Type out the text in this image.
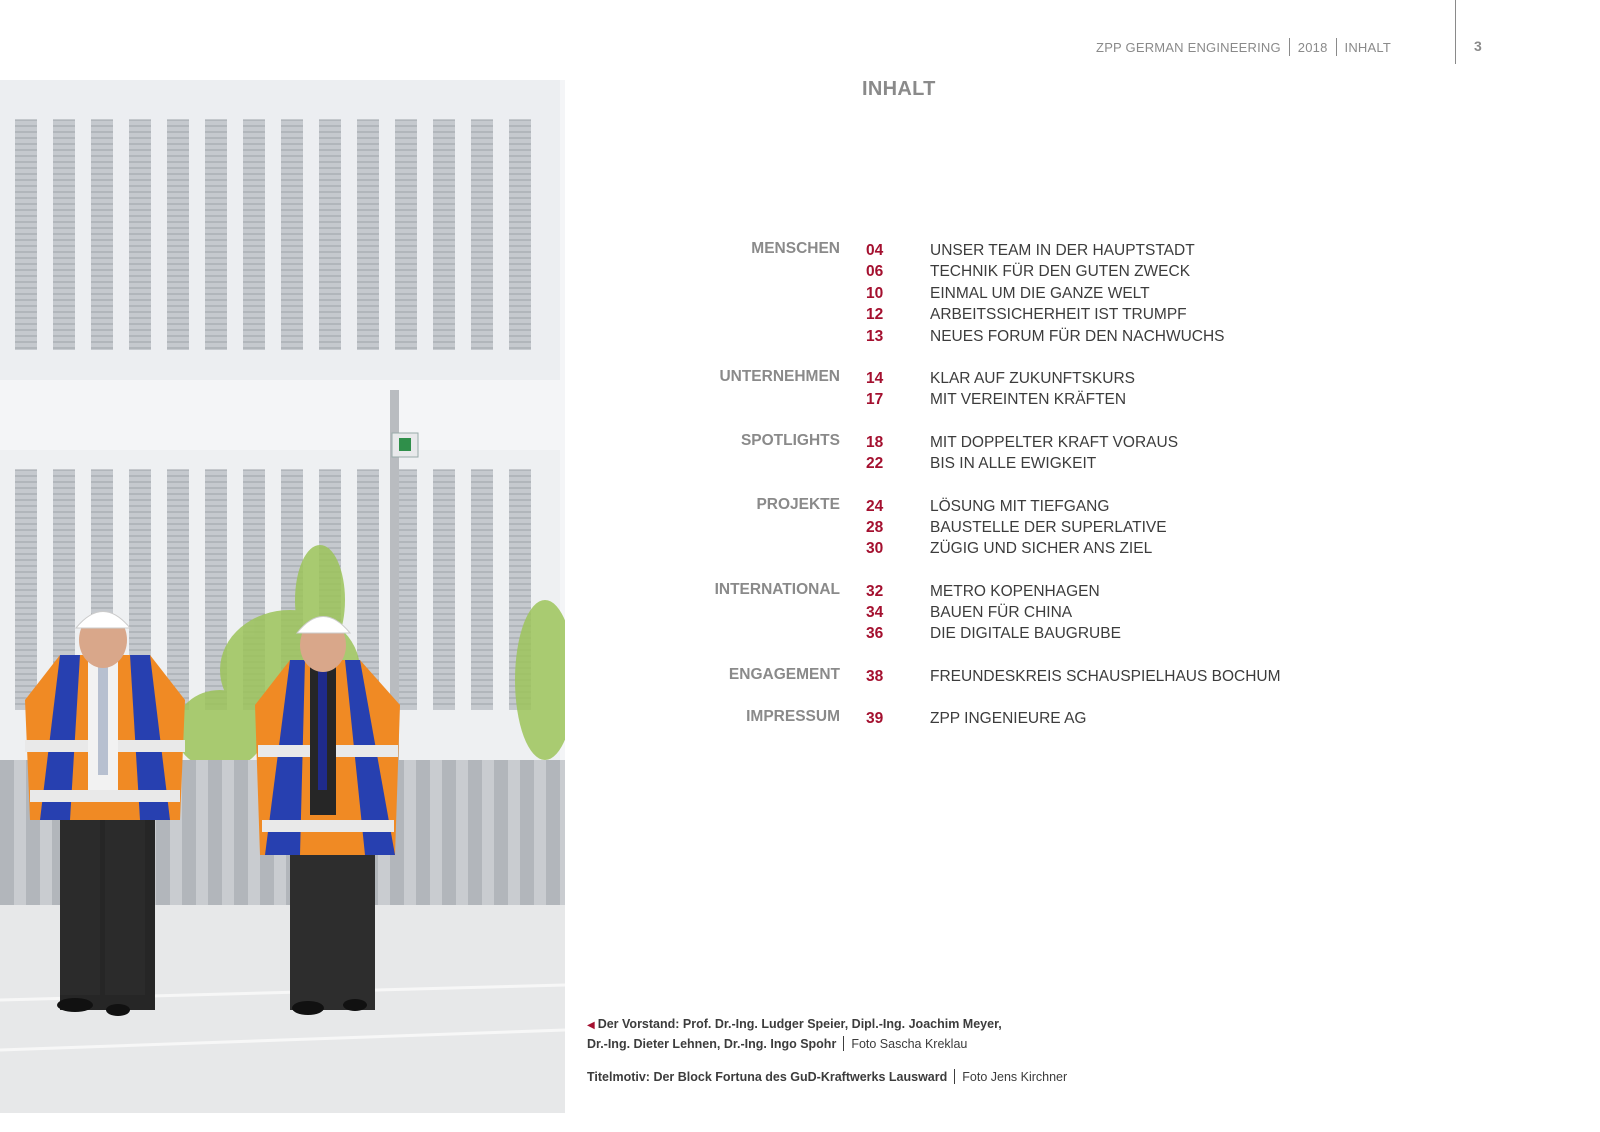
ZPP GERMAN ENGINEERING 2018 INHALT	3
INHALT
MENSCHEN 04	UNSER TEAM IN DER HAUPTSTADT
06	TECHNIK FÜR DEN GUTEN ZWECK
10	EINMAL UM DIE GANZE WELT
12	ARBEITSSICHERHEIT IST TRUMPF
13	NEUES FORUM FÜR DEN NACHWUCHS
UNTERNEHMEN 14	KLAR AUF ZUKUNFTSKURS
17	MIT VEREINTEN KRÄFTEN
SPOTLIGHTS 18	MIT DOPPELTER KRAFT VORAUS
22	BIS IN ALLE EWIGKEIT
PROJEKTE 24	LÖSUNG MIT TIEFGANG
28	BAUSTELLE DER SUPERLATIVE
30	ZÜGIG UND SICHER ANS ZIEL
INTERNATIONAL 32	METRO KOPENHAGEN
34	BAUEN FÜR CHINA
36	DIE DIGITALE BAUGRUBE
ENGAGEMENT 38	FREUNDESKREIS SCHAUSPIELHAUS BOCHUM
IMPRESSUM 39	ZPP INGENIEURE AG
◀ Der Vorstand: Prof. Dr.-Ing. Ludger Speier, Dipl.-Ing. Joachim Meyer,
Dr.-Ing. Dieter Lehnen, Dr.-Ing. Ingo Spohr Foto Sascha Kreklau
Titelmotiv: Der Block Fortuna des GuD-Kraftwerks Lausward Foto Jens Kirchner
